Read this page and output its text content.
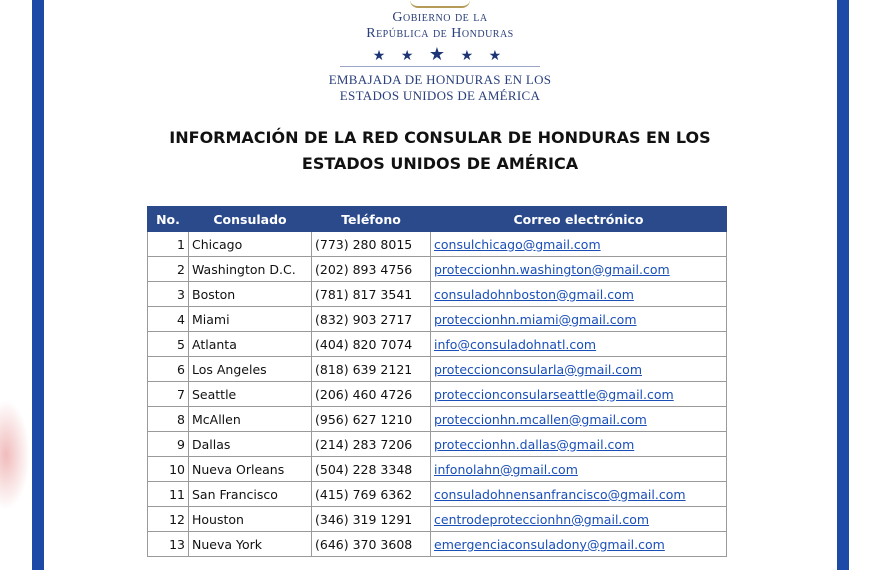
Gobierno de la
República de Honduras
★ ★ ★ ★ ★
EMBAJADA DE HONDURAS EN LOS
ESTADOS UNIDOS DE AMÉRICA
INFORMACIÓN DE LA RED CONSULAR DE HONDURAS EN LOS
ESTADOS UNIDOS DE AMÉRICA
No.	Consulado	Teléfono	Correo electrónico
1	Chicago	(773) 280 8015	consulchicago@gmail.com
2	Washington D.C.	(202) 893 4756	proteccionhn.washington@gmail.com
3	Boston	(781) 817 3541	consuladohnboston@gmail.com
4	Miami	(832) 903 2717	proteccionhn.miami@gmail.com
5	Atlanta	(404) 820 7074	info@consuladohnatl.com
6	Los Angeles	(818) 639 2121	proteccionconsularla@gmail.com
7	Seattle	(206) 460 4726	proteccionconsularseattle@gmail.com
8	McAllen	(956) 627 1210	proteccionhn.mcallen@gmail.com
9	Dallas	(214) 283 7206	proteccionhn.dallas@gmail.com
10	Nueva Orleans	(504) 228 3348	infonolahn@gmail.com
11	San Francisco	(415) 769 6362	consuladohnensanfrancisco@gmail.com
12	Houston	(346) 319 1291	centrodeproteccionhn@gmail.com
13	Nueva York	(646) 370 3608	emergenciaconsuladony@gmail.com
